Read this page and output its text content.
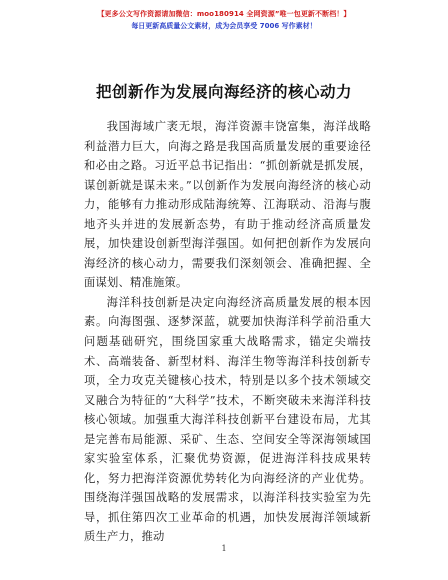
【更多公文写作资源请加微信：moo180914 全网资源”唯一包更新不断档！】
每日更新高质量公文素材，成为会员享受 7006 写作素材！
把创新作为发展向海经济的核心动力

我国海域广袤无垠，海洋资源丰饶富集，海洋战略利益潜力巨大，向海之路是我国高质量发展的重要途径和必由之路。习近平总书记指出：“抓创新就是抓发展，谋创新就是谋未来。”以创新作为发展向海经济的核心动力，能够有力推动形成陆海统筹、江海联动、沿海与腹地齐头并进的发展新态势，有助于推动经济高质量发展，加快建设创新型海洋强国。如何把创新作为发展向海经济的核心动力，需要我们深刻领会、准确把握、全面谋划、精准施策。

海洋科技创新是决定向海经济高质量发展的根本因素。向海图强、逐梦深蓝，就要加快海洋科学前沿重大问题基础研究，围绕国家重大战略需求，锚定尖端技术、高端装备、新型材料、海洋生物等海洋科技创新专项，全力攻克关键核心技术，特别是以多个技术领域交叉融合为特征的“大科学”技术，不断突破未来海洋科技核心领域。加强重大海洋科技创新平台建设布局，尤其是完善布局能源、采矿、生态、空间安全等深海领域国家实验室体系，汇聚优势资源，促进海洋科技成果转化，努力把海洋资源优势转化为向海经济的产业优势。围绕海洋强国战略的发展需求，以海洋科技实验室为先导，抓住第四次工业革命的机遇，加快发展海洋领域新质生产力，推动

1
